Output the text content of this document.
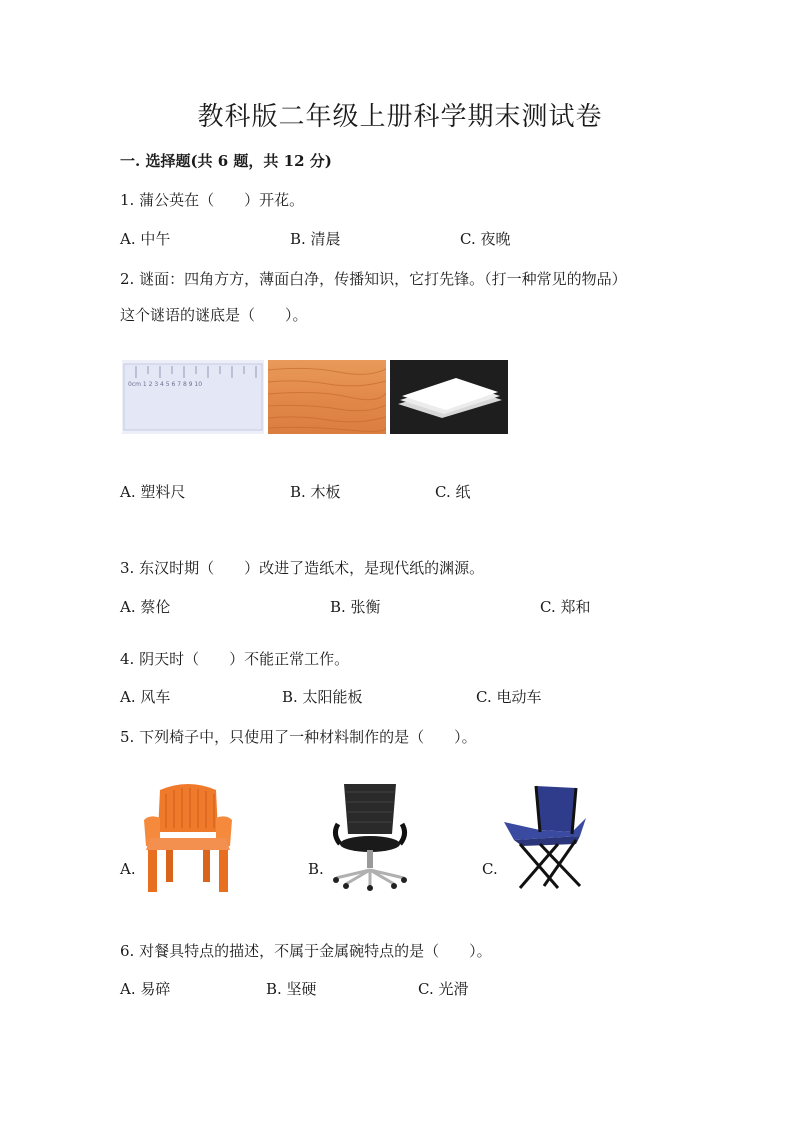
教科版二年级上册科学期末测试卷
一. 选择题(共 6 题，共 12 分)
1. 蒲公英在（　　）开花。
A. 中午	B. 清晨	C. 夜晚
2. 谜面：四角方方，薄面白净，传播知识，它打先锋。（打一种常见的物品）
这个谜语的谜底是（　　）。
0cm 1 2 3 4 5 6 7 8 9 10
A. 塑料尺	B. 木板	C. 纸
3. 东汉时期（　　）改进了造纸术，是现代纸的渊源。
A. 蔡伦	B. 张衡	C. 郑和
4. 阴天时（　　）不能正常工作。
A. 风车	B. 太阳能板	C. 电动车
5. 下列椅子中，只使用了一种材料制作的是（　　）。
A.	B.	C.
6. 对餐具特点的描述，不属于金属碗特点的是（　　）。
A. 易碎	B. 坚硬	C. 光滑
